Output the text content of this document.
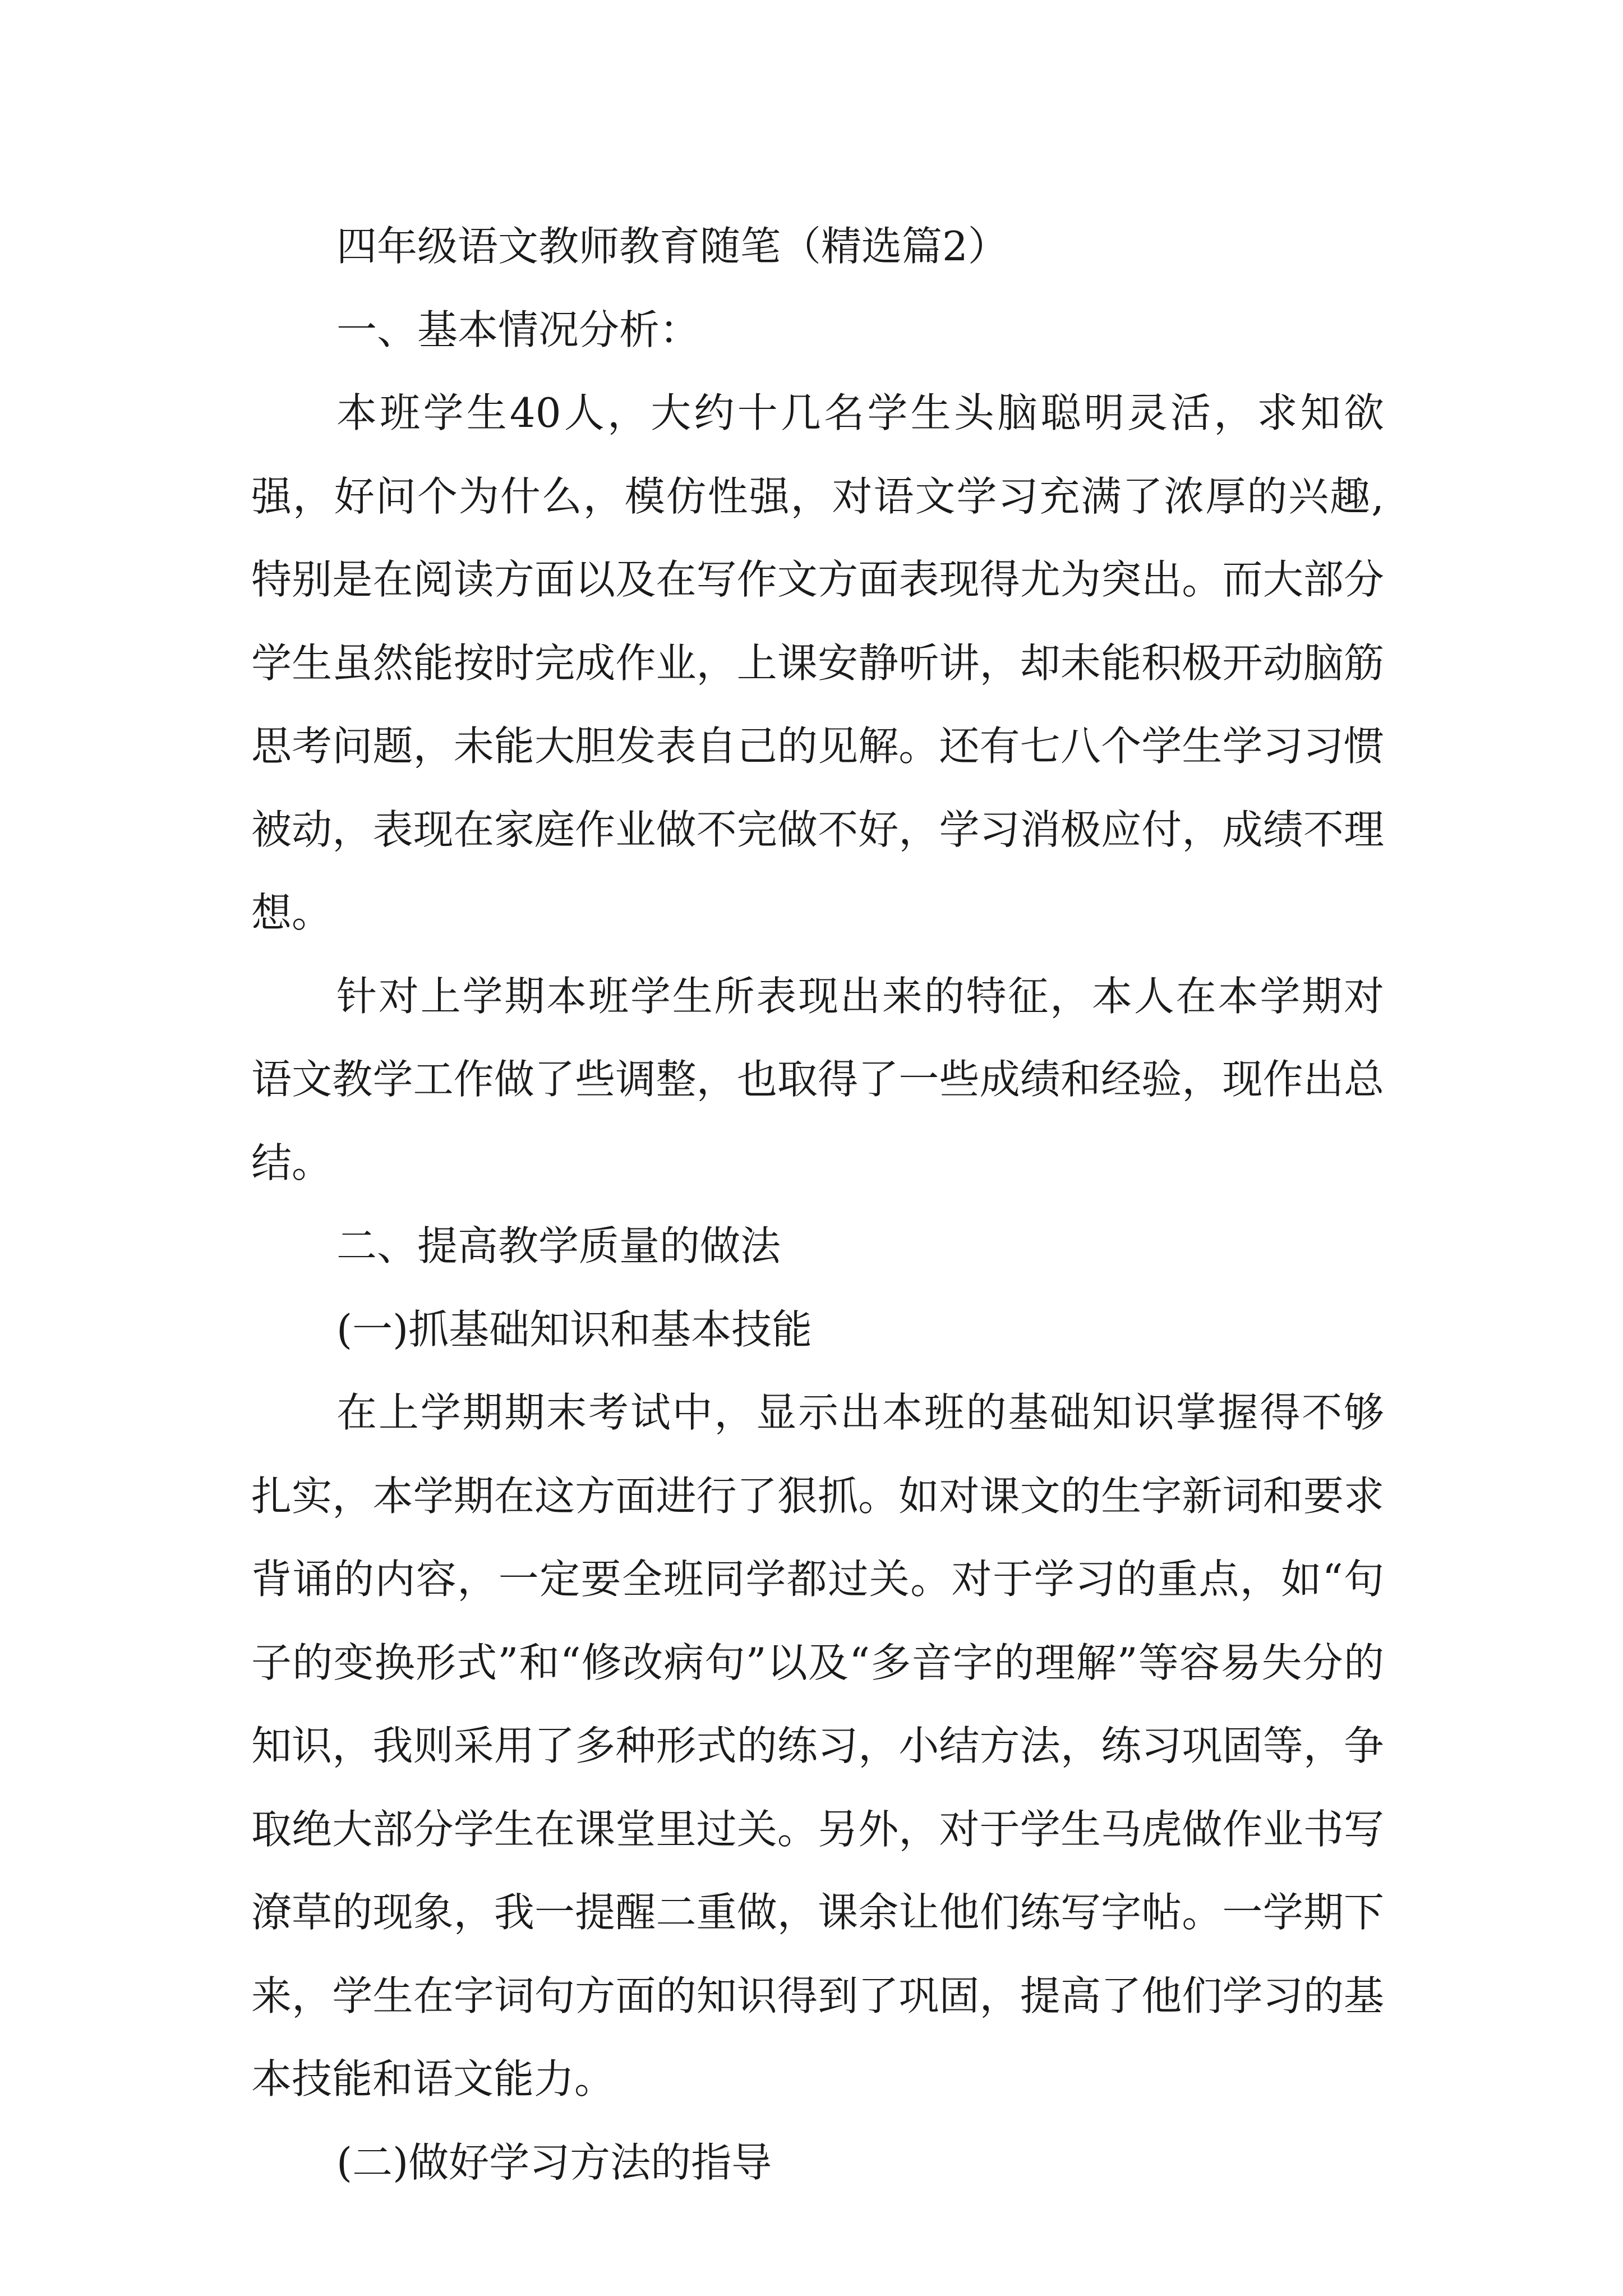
四年级语文教师教育随笔（精选篇2）

一、基本情况分析：

本班学生40人，大约十几名学生头脑聪明灵活，求知欲强，好问个为什么，模仿性强，对语文学习充满了浓厚的兴趣,特别是在阅读方面以及在写作文方面表现得尤为突出。而大部分学生虽然能按时完成作业，上课安静听讲，却未能积极开动脑筋思考问题，未能大胆发表自己的见解。还有七八个学生学习习惯被动，表现在家庭作业做不完做不好，学习消极应付，成绩不理想。

针对上学期本班学生所表现出来的特征，本人在本学期对语文教学工作做了些调整，也取得了一些成绩和经验，现作出总结。

二、提高教学质量的做法

(一)抓基础知识和基本技能

在上学期期末考试中，显示出本班的基础知识掌握得不够扎实，本学期在这方面进行了狠抓。如对课文的生字新词和要求背诵的内容，一定要全班同学都过关。对于学习的重点，如“句子的变换形式”和“修改病句”以及“多音字的理解”等容易失分的知识，我则采用了多种形式的练习，小结方法，练习巩固等，争取绝大部分学生在课堂里过关。另外，对于学生马虎做作业书写潦草的现象，我一提醒二重做，课余让他们练写字帖。一学期下来，学生在字词句方面的知识得到了巩固，提高了他们学习的基本技能和语文能力。

(二)做好学习方法的指导
